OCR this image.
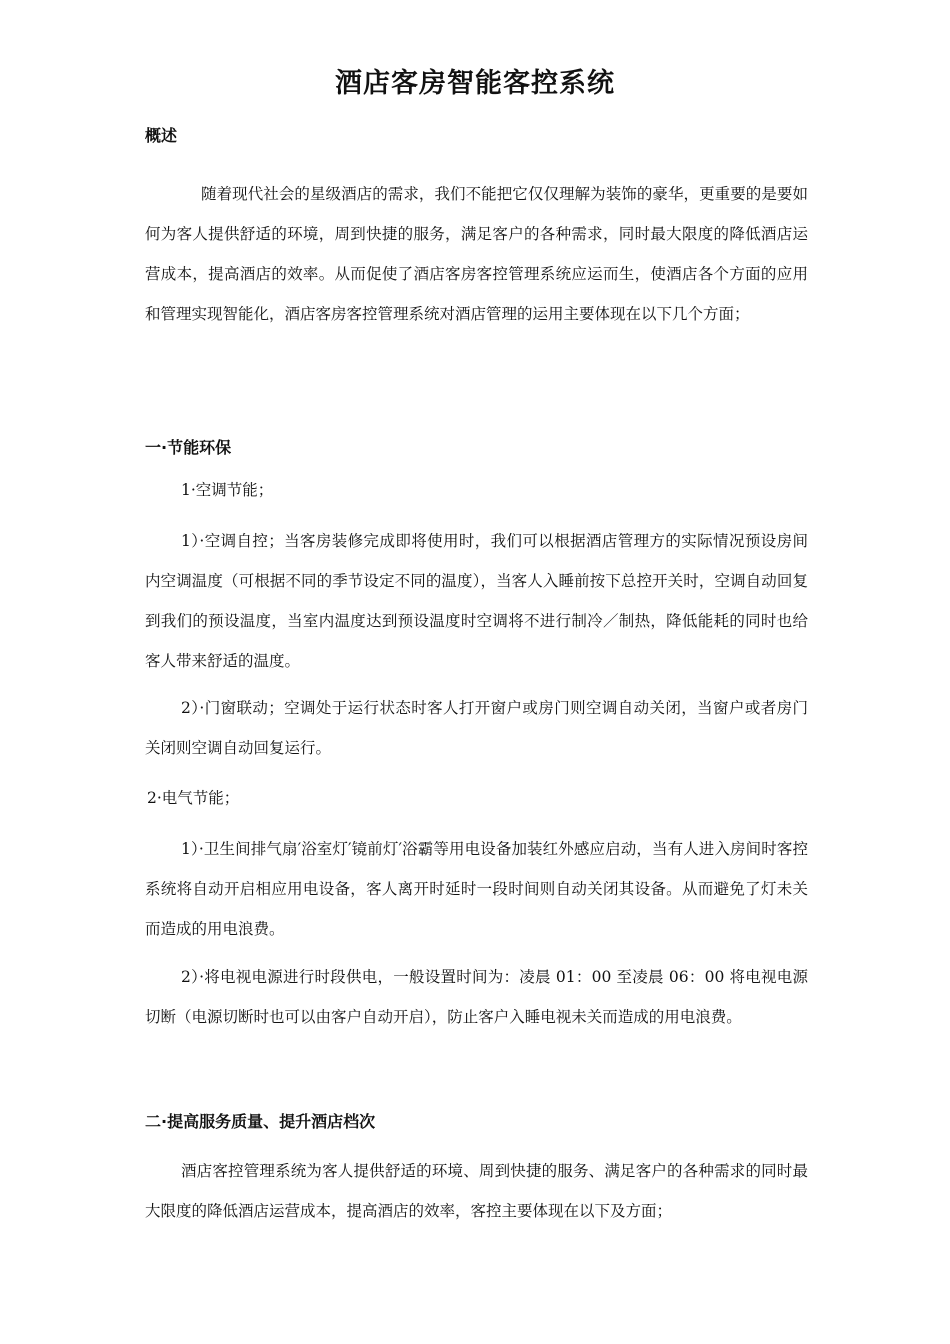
酒店客房智能客控系统
概述

随着现代社会的星级酒店的需求，我们不能把它仅仅理解为装饰的豪华，更重要的是要如何为客人提供舒适的环境，周到快捷的服务，满足客户的各种需求，同时最大限度的降低酒店运营成本，提高酒店的效率。从而促使了酒店客房客控管理系统应运而生，使酒店各个方面的应用和管理实现智能化，酒店客房客控管理系统对酒店管理的运用主要体现在以下几个方面；

一·节能环保

1·空调节能；

1）·空调自控；当客房装修完成即将使用时，我们可以根据酒店管理方的实际情况预设房间内空调温度（可根据不同的季节设定不同的温度），当客人入睡前按下总控开关时，空调自动回复到我们的预设温度，当室内温度达到预设温度时空调将不进行制冷／制热，降低能耗的同时也给客人带来舒适的温度。

2）·门窗联动；空调处于运行状态时客人打开窗户或房门则空调自动关闭，当窗户或者房门关闭则空调自动回复运行。

2·电气节能；

1）·卫生间排气扇′浴室灯′镜前灯′浴霸等用电设备加装红外感应启动，当有人进入房间时客控系统将自动开启相应用电设备，客人离开时延时一段时间则自动关闭其设备。从而避免了灯未关而造成的用电浪费。

2）·将电视电源进行时段供电，一般设置时间为：凌晨 01：00 至凌晨 06：00 将电视电源切断（电源切断时也可以由客户自动开启），防止客户入睡电视未关而造成的用电浪费。

二·提高服务质量、提升酒店档次

酒店客控管理系统为客人提供舒适的环境、周到快捷的服务、满足客户的各种需求的同时最大限度的降低酒店运营成本，提高酒店的效率，客控主要体现在以下及方面；
